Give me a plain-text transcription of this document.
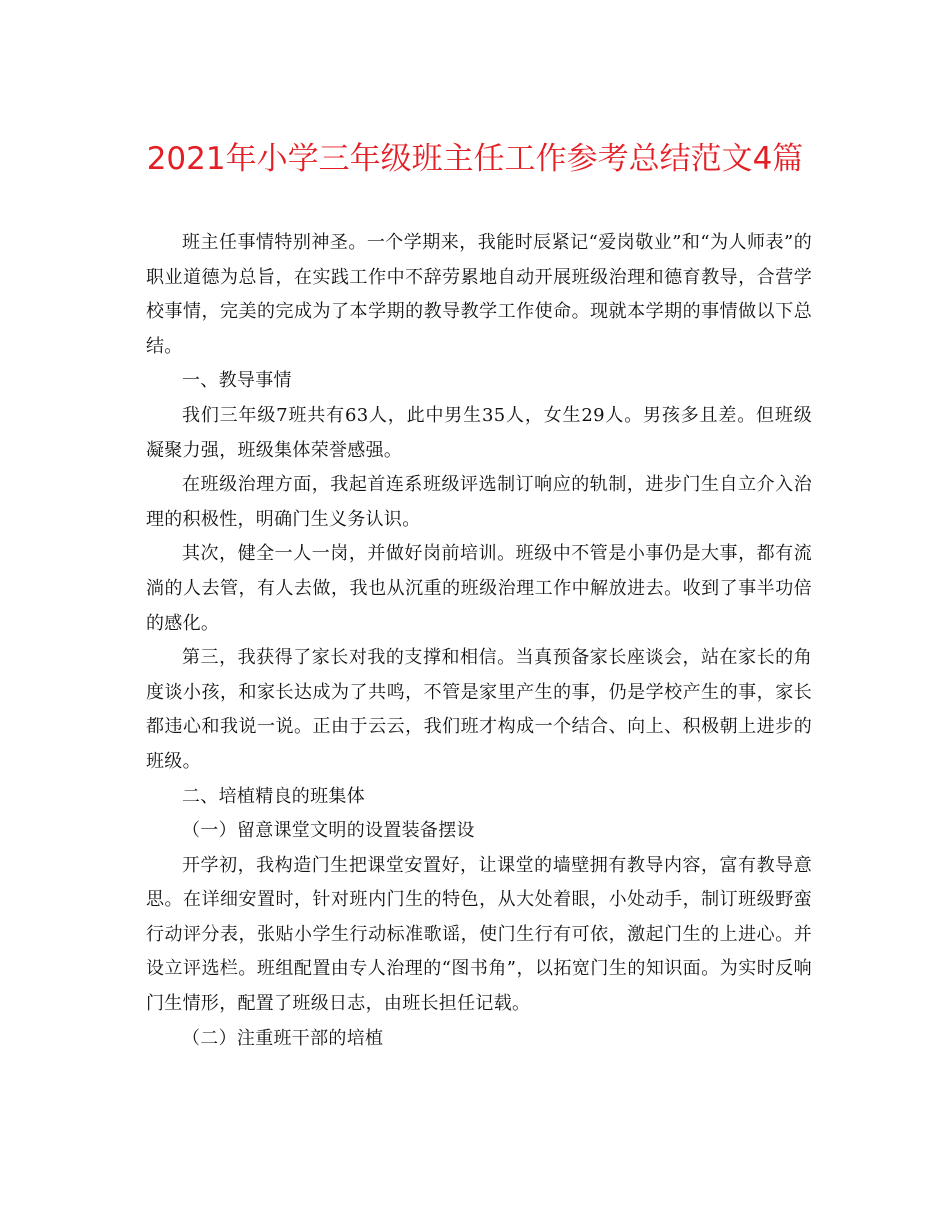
2021年小学三年级班主任工作参考总结范文4篇

班主任事情特别神圣。一个学期来，我能时辰紧记“爱岗敬业”和“为人师表”的职业道德为总旨，在实践工作中不辞劳累地自动开展班级治理和德育教导，合营学校事情，完美的完成为了本学期的教导教学工作使命。现就本学期的事情做以下总结。

一、教导事情

我们三年级7班共有63人，此中男生35人，女生29人。男孩多且差。但班级凝聚力强，班级集体荣誉感强。

在班级治理方面，我起首连系班级评选制订响应的轨制，进步门生自立介入治理的积极性，明确门生义务认识。

其次，健全一人一岗，并做好岗前培训。班级中不管是小事仍是大事，都有流淌的人去管，有人去做，我也从沉重的班级治理工作中解放进去。收到了事半功倍的感化。

第三，我获得了家长对我的支撑和相信。当真预备家长座谈会，站在家长的角度谈小孩，和家长达成为了共鸣，不管是家里产生的事，仍是学校产生的事，家长都违心和我说一说。正由于云云，我们班才构成一个结合、向上、积极朝上进步的班级。

二、培植精良的班集体

（一）留意课堂文明的设置装备摆设

开学初，我构造门生把课堂安置好，让课堂的墙壁拥有教导内容，富有教导意思。在详细安置时，针对班内门生的特色，从大处着眼，小处动手，制订班级野蛮行动评分表，张贴小学生行动标准歌谣，使门生行有可依，激起门生的上进心。并设立评选栏。班组配置由专人治理的“图书角”，以拓宽门生的知识面。为实时反响门生情形，配置了班级日志，由班长担任记载。

（二）注重班干部的培植
